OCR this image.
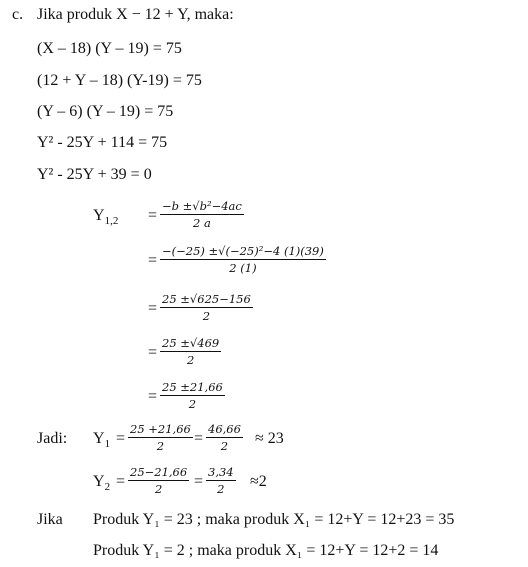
c. Jika produk X − 12 + Y, maka:
(X – 18) (Y – 19) = 75
(12 + Y – 18) (Y-19) = 75
(Y – 6) (Y – 19) = 75
Y² - 25Y + 114 = 75
Y² - 25Y + 39 = 0
$Y_{1,2} = \frac{\text{−b ±√b²−4ac}}{2 a}$
= $\frac{\text{−(−25) ±√(−25)²−4 (1)(39)}}{2 (1)}$
= $\frac{25 \pm√625-156}{2}$
= $\frac{25 \pm√469}{2}$
= $\frac{25 \pm 21,66}{2}$
Jadi: $Y_1 = \frac{25 +21,66}{2} = \frac{46,66}{2} \approx 23$
$Y_2 = \frac{25-21,66}{2} = \frac{3,34}{2} \approx 2$
Jika Produk Y₁ = 23 ; maka produk X₁ = 12+Y = 12+23 = 35
Produk Y₁ = 2 ; maka produk X₁ = 12+Y = 12+2 = 14
